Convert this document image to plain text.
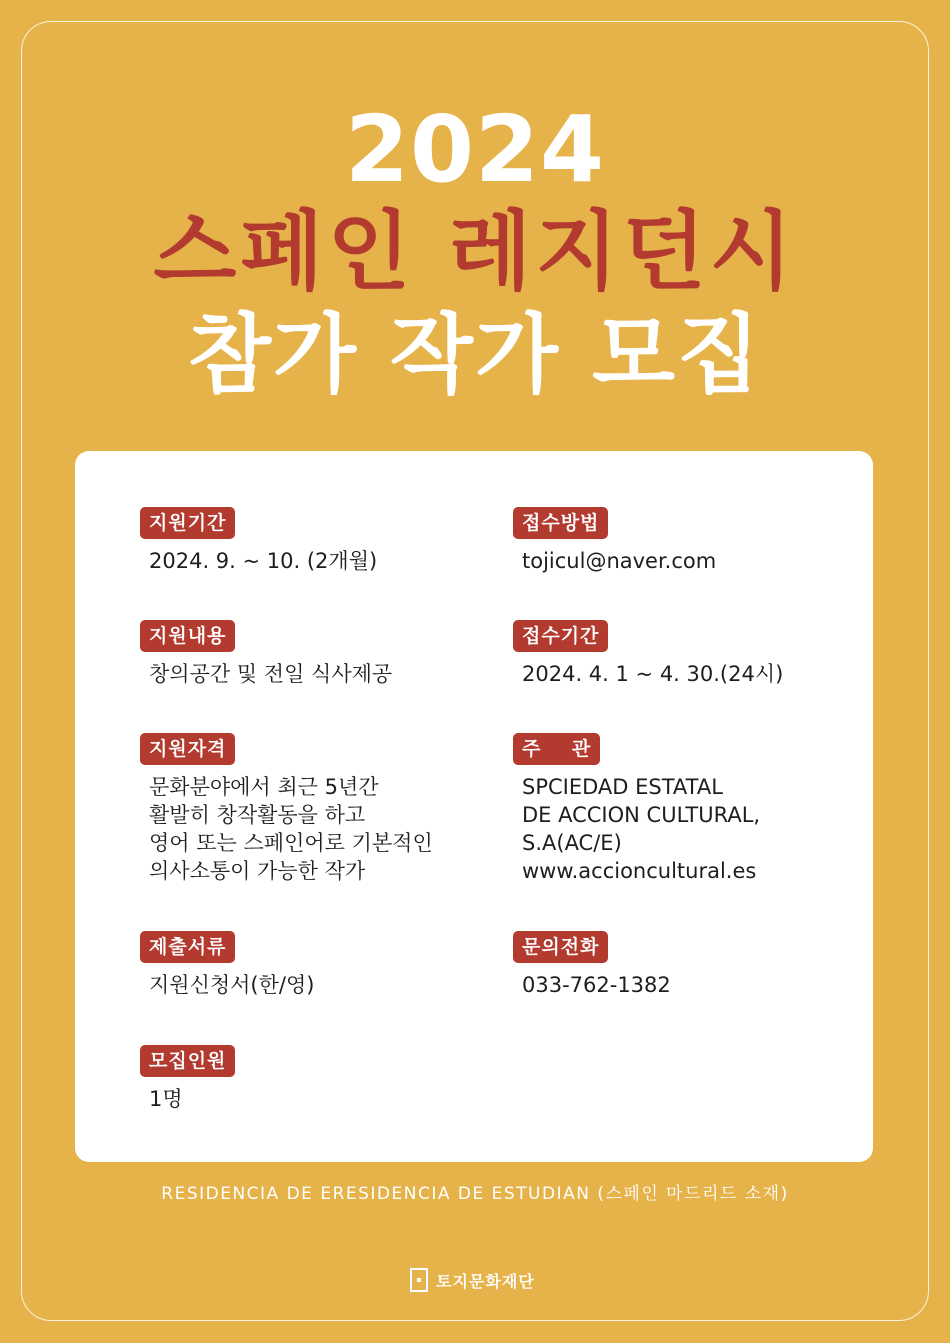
2024
스페인 레지던시
참가 작가 모집
지원기간
2024. 9. ~ 10. (2개월)
지원내용
창의공간 및 전일 식사제공
지원자격
문화분야에서 최근 5년간
활발히 창작활동을 하고
영어 또는 스페인어로 기본적인
의사소통이 가능한 작가
제출서류
지원신청서(한/영)
모집인원
1명
접수방법
tojicul@naver.com
접수기간
2024. 4. 1 ~ 4. 30.(24시)
주    관
SPCIEDAD ESTATAL
DE ACCION CULTURAL,
S.A(AC/E)
www.accioncultural.es
문의전화
033-762-1382
RESIDENCIA DE ERESIDENCIA DE ESTUDIAN (스페인 마드리드 소재)
토지문화재단
